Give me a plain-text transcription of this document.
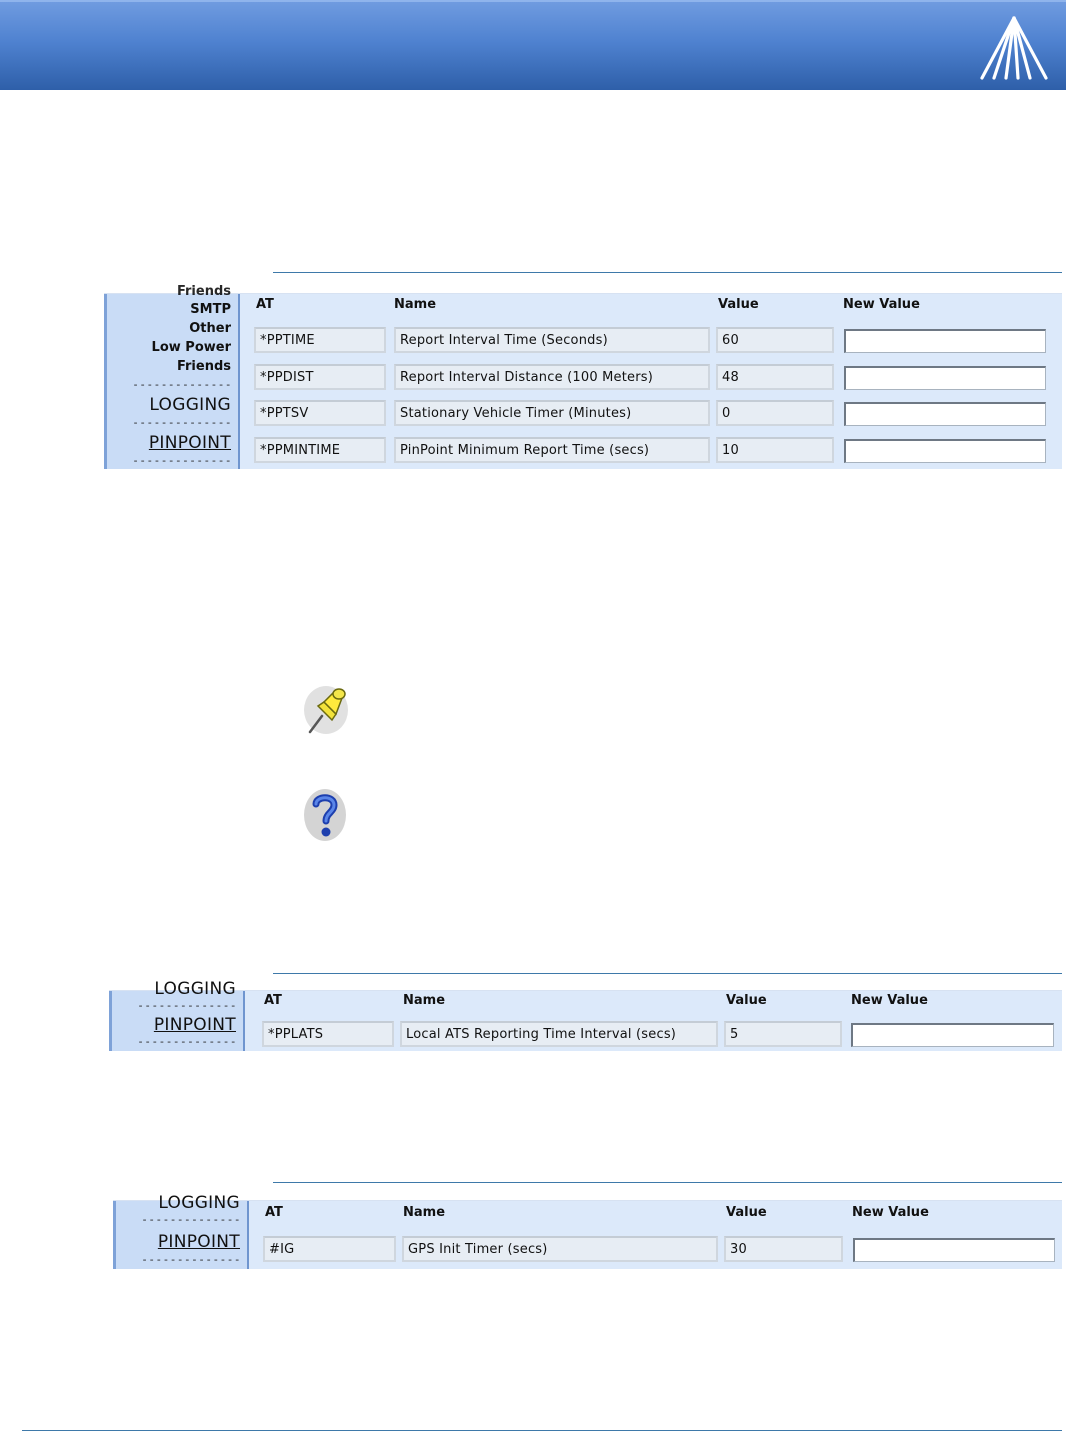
Friends
SMTP
Other
Low Power
Friends
--------------
LOGGING
--------------
PINPOINT
--------------
AT	Name	Value	New Value
*PPTIME	Report Interval Time (Seconds)	60
*PPDIST	Report Interval Distance (100 Meters)	48
*PPTSV	Stationary Vehicle Timer (Minutes)	0
*PPMINTIME	PinPoint Minimum Report Time (secs)	10
LOGGING
--------------
PINPOINT
--------------
AT	Name	Value	New Value
*PPLATS	Local ATS Reporting Time Interval (secs)	5
LOGGING
--------------
PINPOINT
--------------
AT	Name	Value	New Value
#IG	GPS Init Timer (secs)	30
